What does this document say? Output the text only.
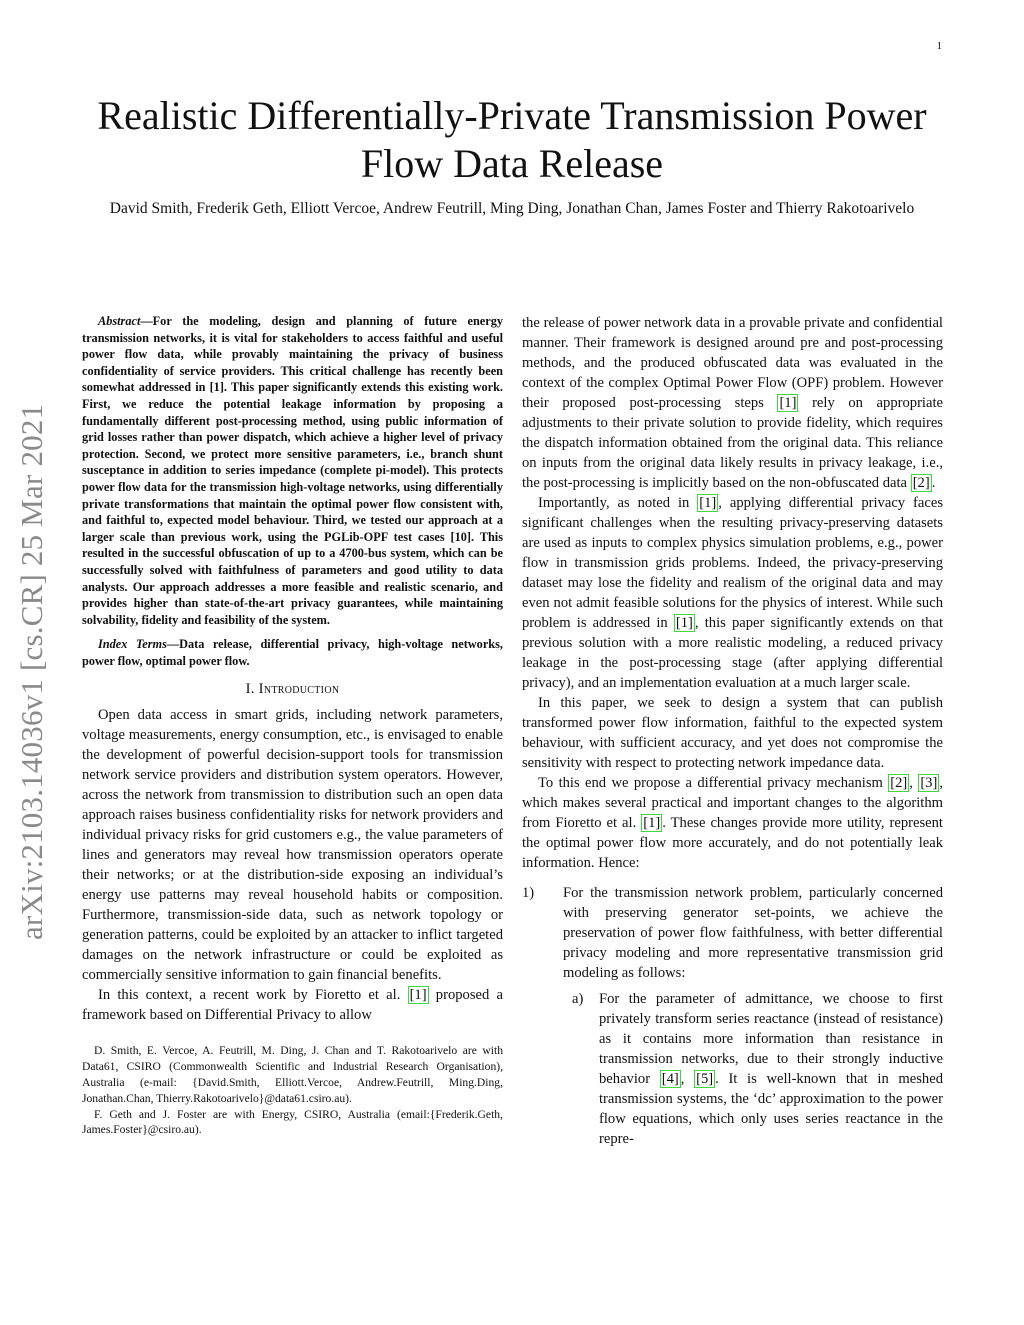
1
arXiv:2103.14036v1 [cs.CR] 25 Mar 2021
Realistic Differentially-Private Transmission Power Flow Data Release
David Smith, Frederik Geth, Elliott Vercoe, Andrew Feutrill, Ming Ding, Jonathan Chan, James Foster and Thierry Rakotoarivelo

Abstract—For the modeling, design and planning of future energy transmission networks, it is vital for stakeholders to access faithful and useful power flow data, while provably maintaining the privacy of business confidentiality of service providers. This critical challenge has recently been somewhat addressed in [1]. This paper significantly extends this existing work. First, we reduce the potential leakage information by proposing a fundamentally different post-processing method, using public information of grid losses rather than power dispatch, which achieve a higher level of privacy protection. Second, we protect more sensitive parameters, i.e., branch shunt susceptance in addition to series impedance (complete pi-model). This protects power flow data for the transmission high-voltage networks, using differentially private transformations that maintain the optimal power flow consistent with, and faithful to, expected model behaviour. Third, we tested our approach at a larger scale than previous work, using the PGLib-OPF test cases [10]. This resulted in the successful obfuscation of up to a 4700-bus system, which can be successfully solved with faithfulness of parameters and good utility to data analysts. Our approach addresses a more feasible and realistic scenario, and provides higher than state-of-the-art privacy guarantees, while maintaining solvability, fidelity and feasibility of the system.

Index Terms—Data release, differential privacy, high-voltage networks, power flow, optimal power flow.

I. Introduction

Open data access in smart grids, including network parameters, voltage measurements, energy consumption, etc., is envisaged to enable the development of powerful decision-support tools for transmission network service providers and distribution system operators. However, across the network from transmission to distribution such an open data approach raises business confidentiality risks for network providers and individual privacy risks for grid customers e.g., the value parameters of lines and generators may reveal how transmission operators operate their networks; or at the distribution-side exposing an individual’s energy use patterns may reveal household habits or composition. Furthermore, transmission-side data, such as network topology or generation patterns, could be exploited by an attacker to inflict targeted damages on the network infrastructure or could be exploited as commercially sensitive information to gain financial benefits.

In this context, a recent work by Fioretto et al. [1] proposed a framework based on Differential Privacy to allow

D. Smith, E. Vercoe, A. Feutrill, M. Ding, J. Chan and T. Rakotoarivelo are with Data61, CSIRO (Commonwealth Scientific and Industrial Research Organisation), Australia (e-mail: {David.Smith, Elliott.Vercoe, Andrew.Feutrill, Ming.Ding, Jonathan.Chan, Thierry.Rakotoarivelo}@data61.csiro.au).

F. Geth and J. Foster are with Energy, CSIRO, Australia (email:{Frederik.Geth, James.Foster}@csiro.au).

the release of power network data in a provable private and confidential manner. Their framework is designed around pre and post-processing methods, and the produced obfuscated data was evaluated in the context of the complex Optimal Power Flow (OPF) problem. However their proposed post-processing steps [1] rely on appropriate adjustments to their private solution to provide fidelity, which requires the dispatch information obtained from the original data. This reliance on inputs from the original data likely results in privacy leakage, i.e., the post-processing is implicitly based on the non-obfuscated data [2] .

Importantly, as noted in [1] , applying differential privacy faces significant challenges when the resulting privacy-preserving datasets are used as inputs to complex physics simulation problems, e.g., power flow in transmission grids problems. Indeed, the privacy-preserving dataset may lose the fidelity and realism of the original data and may even not admit feasible solutions for the physics of interest. While such problem is addressed in [1] , this paper significantly extends on that previous solution with a more realistic modeling, a reduced privacy leakage in the post-processing stage (after applying differential privacy), and an implementation evaluation at a much larger scale.

In this paper, we seek to design a system that can publish transformed power flow information, faithful to the expected system behaviour, with sufficient accuracy, and yet does not compromise the sensitivity with respect to protecting network impedance data.

To this end we propose a differential privacy mechanism [2] , [3] , which makes several practical and important changes to the algorithm from Fioretto et al. [1] . These changes provide more utility, represent the optimal power flow more accurately, and do not potentially leak information. Hence:

1) For the transmission network problem, particularly concerned with preserving generator set-points, we achieve the preservation of power flow faithfulness, with better differential privacy modeling and more representative transmission grid modeling as follows:
a) For the parameter of admittance, we choose to first privately transform series reactance (instead of resistance) as it contains more information than resistance in transmission networks, due to their strongly inductive behavior [4] , [5] . It is well-known that in meshed transmission systems, the ‘dc’ approximation to the power flow equations, which only uses series reactance in the repre-
